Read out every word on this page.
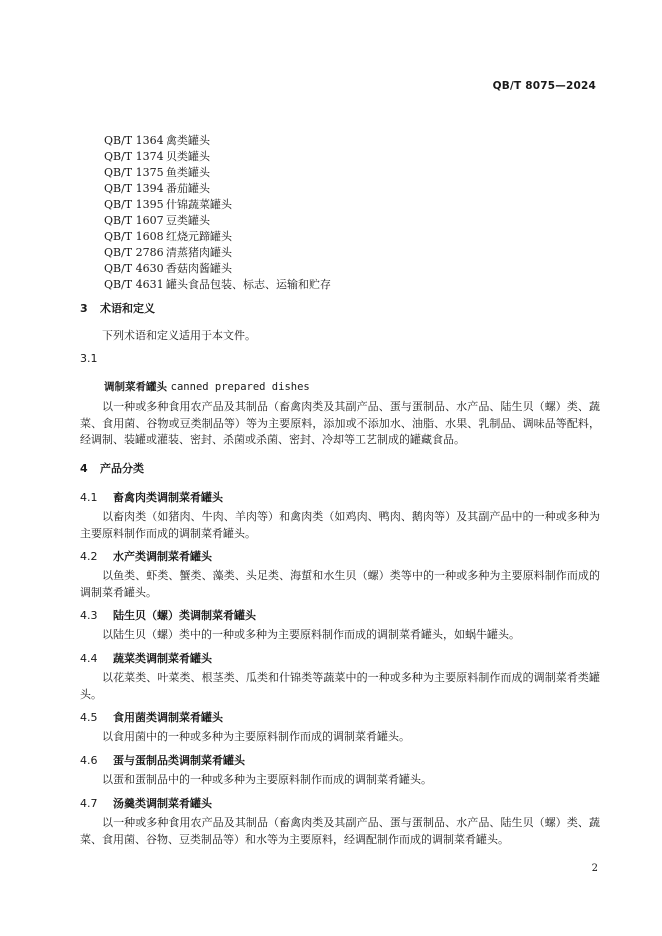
QB/T 8075—2024
QB/T 1364 禽类罐头
QB/T 1374 贝类罐头
QB/T 1375 鱼类罐头
QB/T 1394 番茄罐头
QB/T 1395 什锦蔬菜罐头
QB/T 1607 豆类罐头
QB/T 1608 红烧元蹄罐头
QB/T 2786 清蒸猪肉罐头
QB/T 4630 香菇肉酱罐头
QB/T 4631 罐头食品包装、标志、运输和贮存
3 术语和定义
下列术语和定义适用于本文件。
3.1
调制菜肴罐头 canned prepared dishes
以一种或多种食用农产品及其制品（畜禽肉类及其副产品、蛋与蛋制品、水产品、陆生贝（螺）类、蔬菜、食用菌、谷物或豆类制品等）等为主要原料，添加或不添加水、油脂、水果、乳制品、调味品等配料，经调制、装罐或灌装、密封、杀菌或杀菌、密封、冷却等工艺制成的罐藏食品。
4 产品分类
4.1 畜禽肉类调制菜肴罐头
以畜肉类（如猪肉、牛肉、羊肉等）和禽肉类（如鸡肉、鸭肉、鹅肉等）及其副产品中的一种或多种为主要原料制作而成的调制菜肴罐头。
4.2 水产类调制菜肴罐头
以鱼类、虾类、蟹类、藻类、头足类、海蜇和水生贝（螺）类等中的一种或多种为主要原料制作而成的调制菜肴罐头。
4.3 陆生贝（螺）类调制菜肴罐头
以陆生贝（螺）类中的一种或多种为主要原料制作而成的调制菜肴罐头，如蜗牛罐头。
4.4 蔬菜类调制菜肴罐头
以花菜类、叶菜类、根茎类、瓜类和什锦类等蔬菜中的一种或多种为主要原料制作而成的调制菜肴类罐头。
4.5 食用菌类调制菜肴罐头
以食用菌中的一种或多种为主要原料制作而成的调制菜肴罐头。
4.6 蛋与蛋制品类调制菜肴罐头
以蛋和蛋制品中的一种或多种为主要原料制作而成的调制菜肴罐头。
4.7 汤羹类调制菜肴罐头
以一种或多种食用农产品及其制品（畜禽肉类及其副产品、蛋与蛋制品、水产品、陆生贝（螺）类、蔬菜、食用菌、谷物、豆类制品等）和水等为主要原料，经调配制作而成的调制菜肴罐头。
2
